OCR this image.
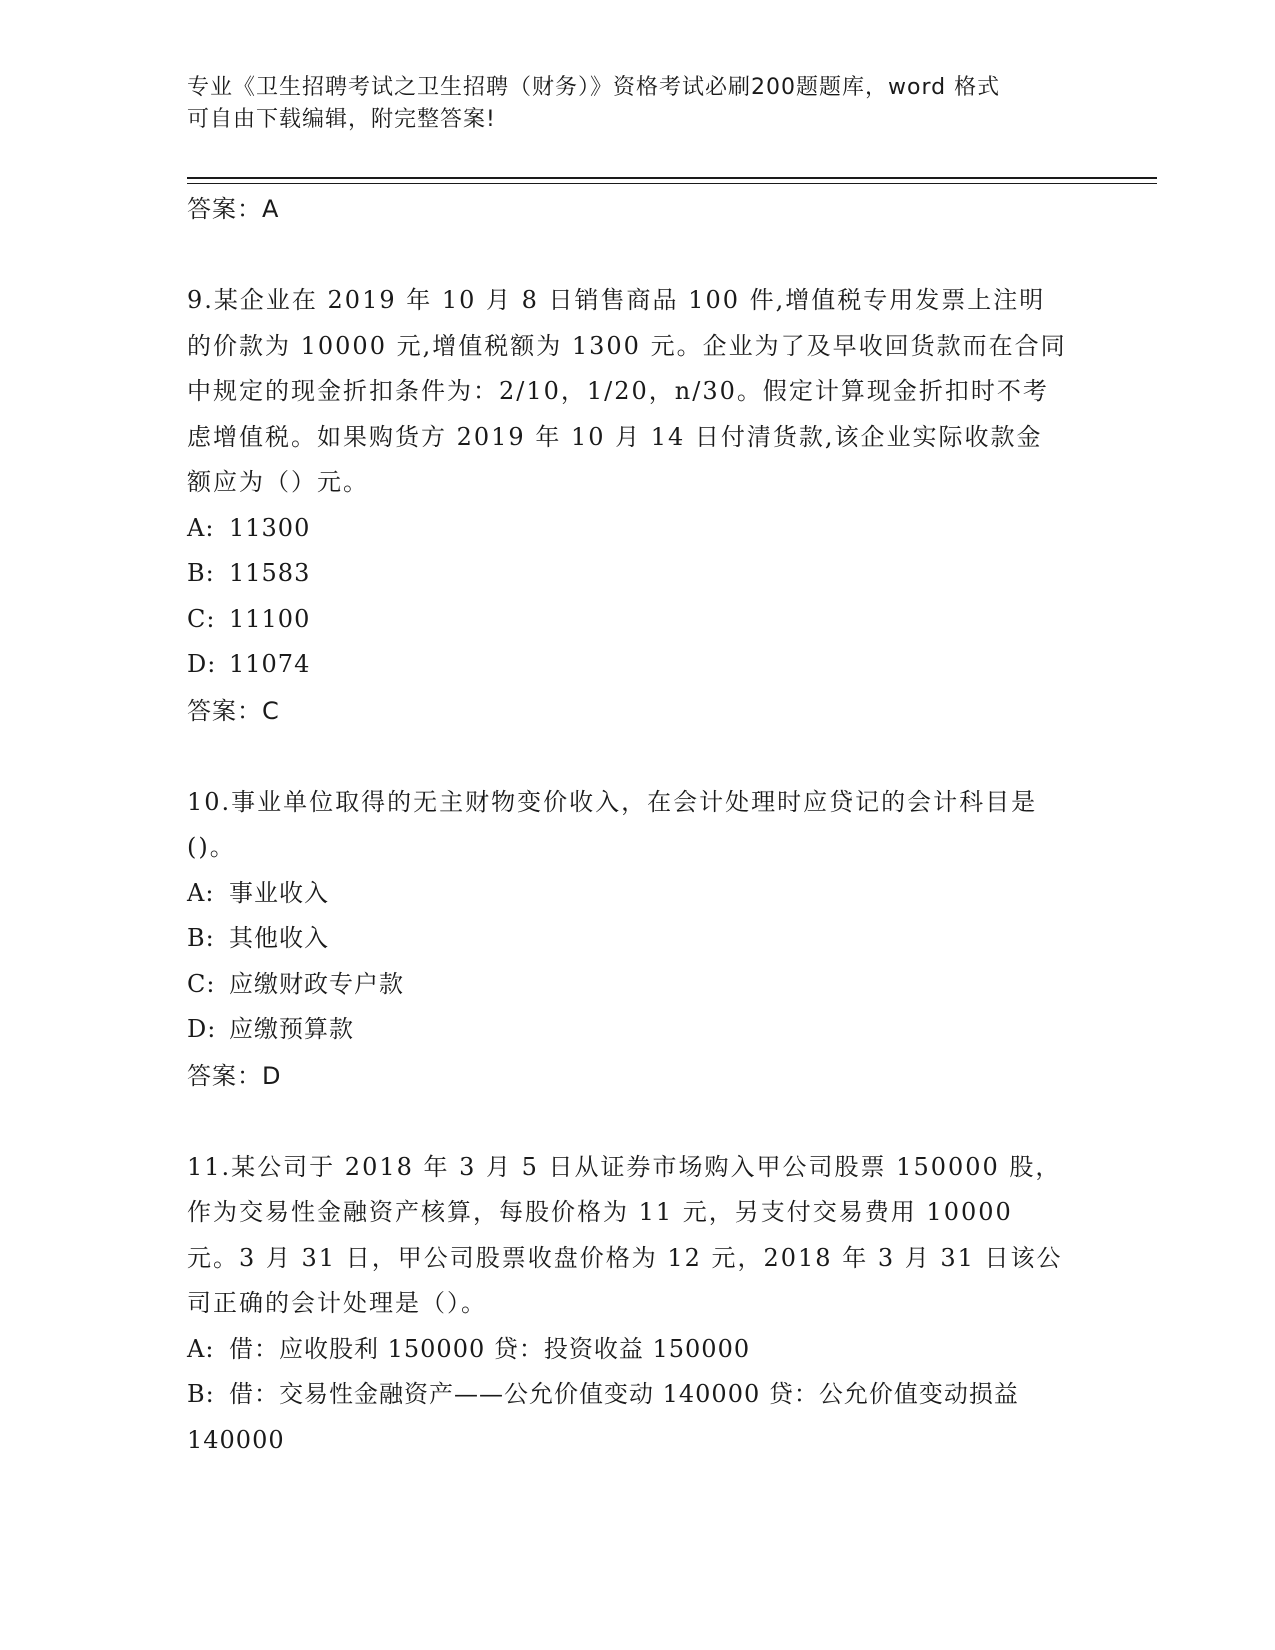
专业《卫生招聘考试之卫生招聘（财务）》资格考试必刷200题题库，word 格式
可自由下载编辑，附完整答案!
答案：A
9.某企业在 2019 年 10 月 8 日销售商品 100 件,增值税专用发票上注明的价款为 10000 元,增值税额为 1300 元。企业为了及早收回货款而在合同中规定的现金折扣条件为：2/10，1/20，n/30。假定计算现金折扣时不考虑增值税。如果购货方 2019 年 10 月 14 日付清货款,该企业实际收款金额应为（）元。
A: 11300
B: 11583
C: 11100
D: 11074
答案：C
10.事业单位取得的无主财物变价收入，在会计处理时应贷记的会计科目是()。
A: 事业收入
B: 其他收入
C: 应缴财政专户款
D: 应缴预算款
答案：D
11.某公司于 2018 年 3 月 5 日从证券市场购入甲公司股票 150000 股，作为交易性金融资产核算，每股价格为 11 元，另支付交易费用 10000 元。3 月 31 日，甲公司股票收盘价格为 12 元，2018 年 3 月 31 日该公司正确的会计处理是（）。
A: 借：应收股利 150000 贷：投资收益 150000
B: 借：交易性金融资产——公允价值变动 140000 贷：公允价值变动损益 140000
